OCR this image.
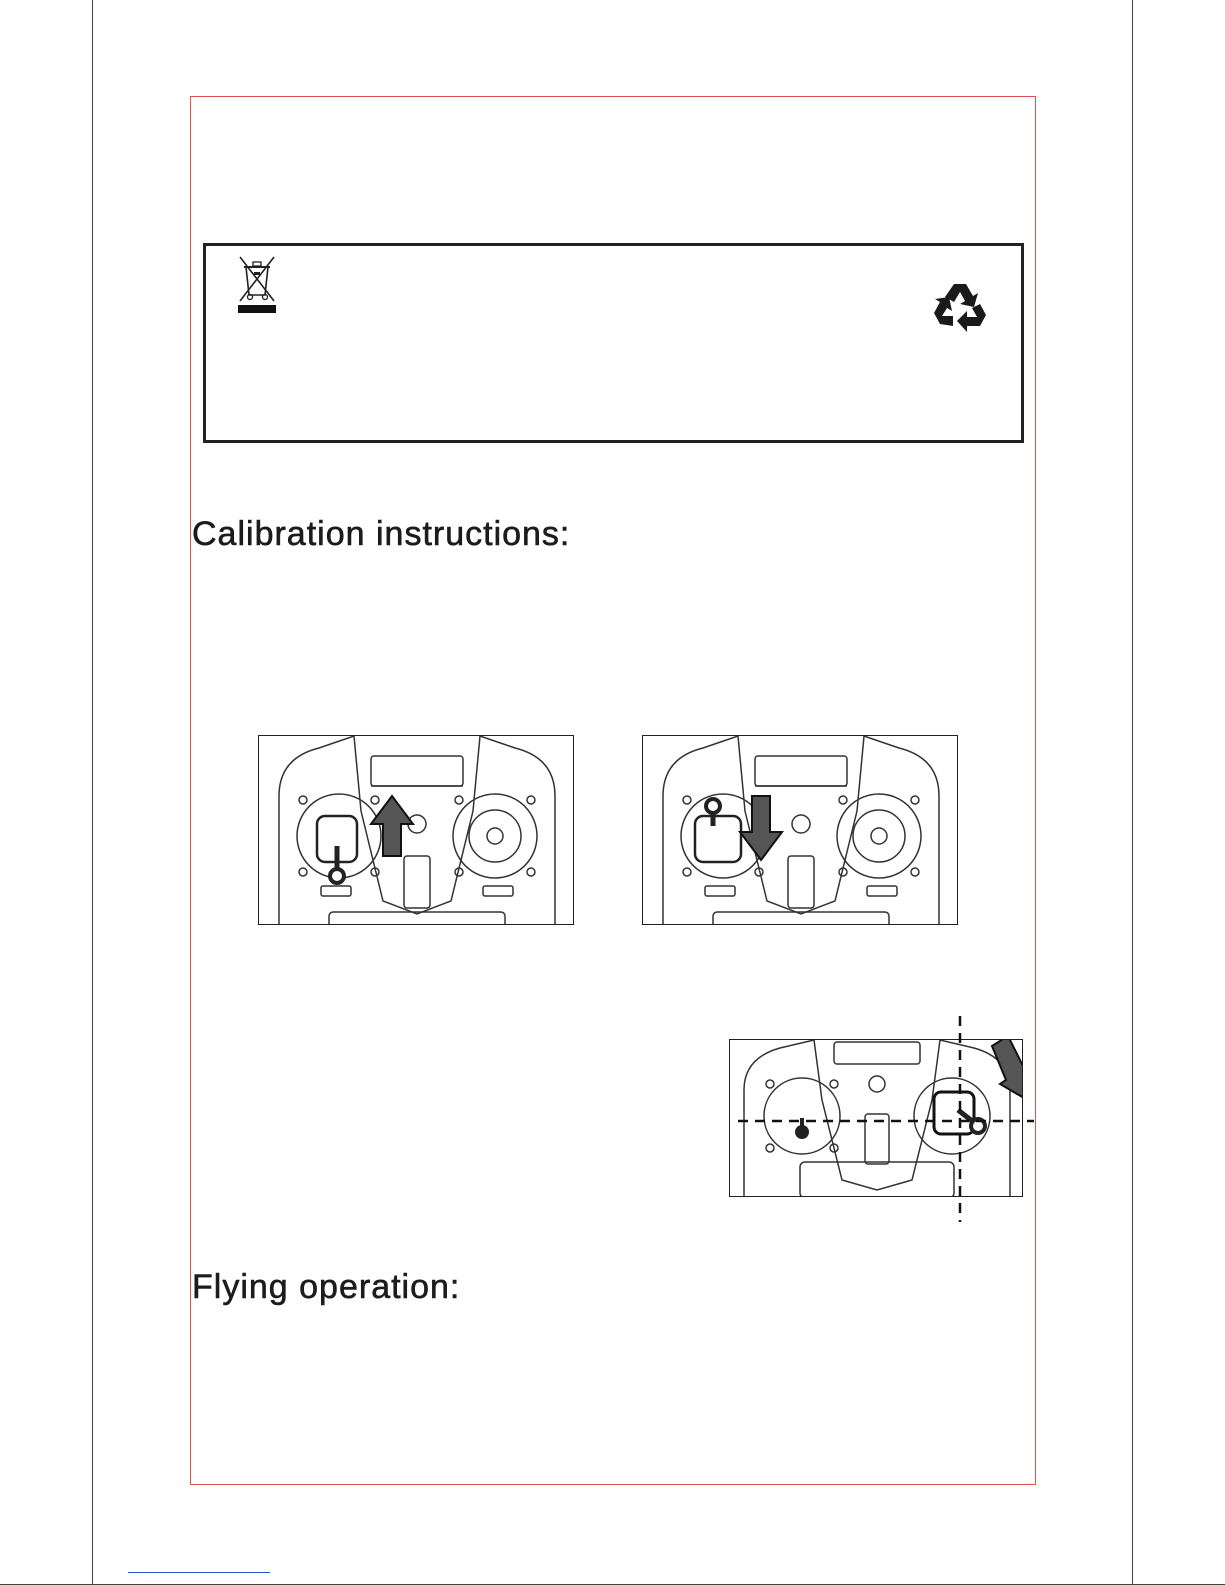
Calibration instructions:
Flying operation:
